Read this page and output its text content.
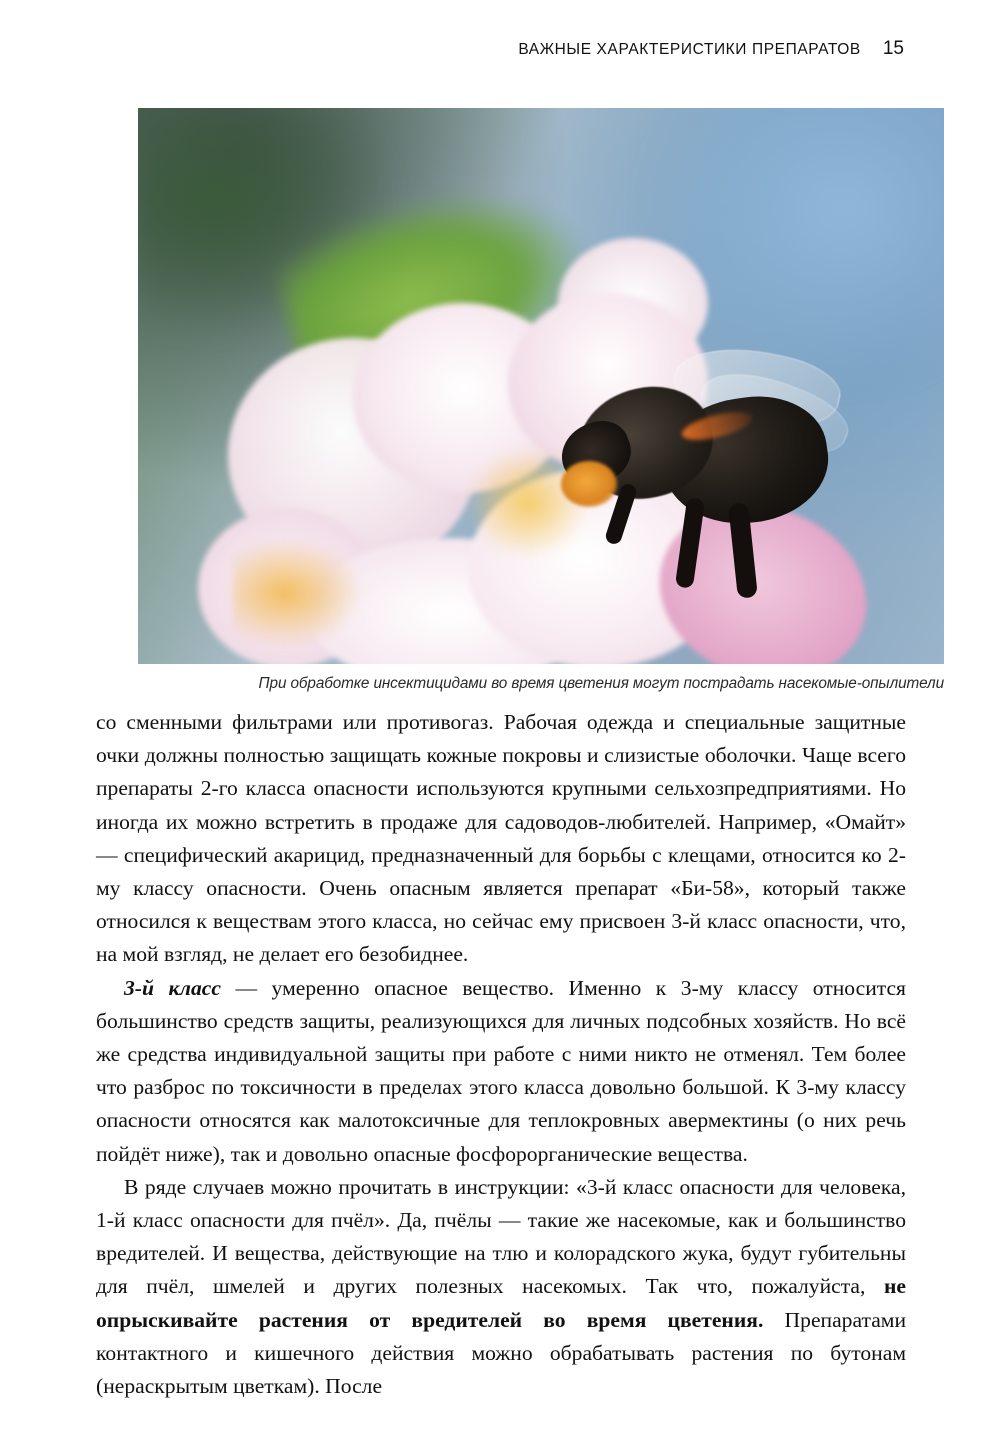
ВАЖНЫЕ ХАРАКТЕРИСТИКИ ПРЕПАРАТОВ 15
При обработке инсектицидами во время цветения могут пострадать насекомые-опылители

со сменными фильтрами или противогаз. Рабочая одежда и специальные защитные очки должны полностью защищать кожные покровы и слизистые оболочки. Чаще всего препараты 2-го класса опасности используются крупными сельхозпредприятиями. Но иногда их можно встретить в продаже для садоводов-любителей. Например, «Омайт» — специфический акарицид, предназначенный для борьбы с клещами, относится ко 2-му классу опасности. Очень опасным является препарат «Би-58», который также относился к веществам этого класса, но сейчас ему присвоен 3-й класс опасности, что, на мой взгляд, не делает его безобиднее.

3-й класс — умеренно опасное вещество. Именно к 3-му классу относится большинство средств защиты, реализующихся для личных подсобных хозяйств. Но всё же средства индивидуальной защиты при работе с ними никто не отменял. Тем более что разброс по токсичности в пределах этого класса довольно большой. К 3-му классу опасности относятся как малотоксичные для теплокровных авермектины (о них речь пойдёт ниже), так и довольно опасные фосфорорганические вещества.

В ряде случаев можно прочитать в инструкции: «3-й класс опасности для человека, 1-й класс опасности для пчёл». Да, пчёлы — такие же насекомые, как и большинство вредителей. И вещества, действующие на тлю и колорадского жука, будут губительны для пчёл, шмелей и других полезных насекомых. Так что, пожалуйста, не опрыскивайте растения от вредителей во время цветения. Препаратами контактного и кишечного действия можно обрабатывать растения по бутонам (нераскрытым цветкам). После
